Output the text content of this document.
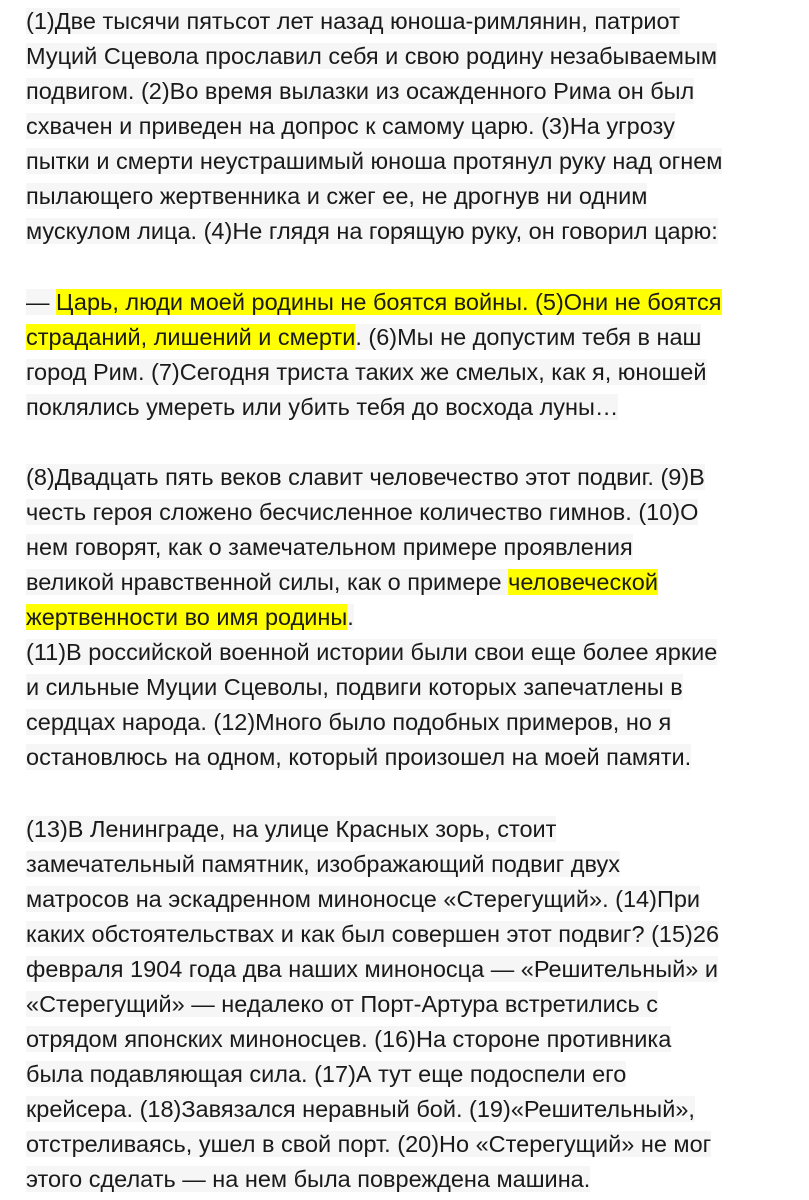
(1)Две тысячи пятьсот лет назад юноша-римлянин, патриот
Муций Сцевола прославил себя и свою родину незабываемым
подвигом. (2)Во время вылазки из осажденного Рима он был
схвачен и приведен на допрос к самому царю. (3)На угрозу
пытки и смерти неустрашимый юноша протянул руку над огнем
пылающего жертвенника и сжег ее, не дрогнув ни одним
мускулом лица. (4)Не глядя на горящую руку, он говорил царю:
— Царь, люди моей родины не боятся войны. (5)Они не боятся
страданий, лишений и смерти. (6)Мы не допустим тебя в наш
город Рим. (7)Сегодня триста таких же смелых, как я, юношей
поклялись умереть или убить тебя до восхода луны…
(8)Двадцать пять веков славит человечество этот подвиг. (9)В
честь героя сложено бесчисленное количество гимнов. (10)О
нем говорят, как о замечательном примере проявления
великой нравственной силы, как о примере человеческой
жертвенности во имя родины.
(11)В российской военной истории были свои еще более яркие
и сильные Муции Сцеволы, подвиги которых запечатлены в
сердцах народа. (12)Много было подобных примеров, но я
остановлюсь на одном, который произошел на моей памяти.
(13)В Ленинграде, на улице Красных зорь, стоит
замечательный памятник, изображающий подвиг двух
матросов на эскадренном миноносце «Стерегущий». (14)При
каких обстоятельствах и как был совершен этот подвиг? (15)26
февраля 1904 года два наших миноносца — «Решительный» и
«Стерегущий» — недалеко от Порт-Артура встретились с
отрядом японских миноносцев. (16)На стороне противника
была подавляющая сила. (17)А тут еще подоспели его
крейсера. (18)Завязался неравный бой. (19)«Решительный»,
отстреливаясь, ушел в свой порт. (20)Но «Стерегущий» не мог
этого сделать — на нем была повреждена машина.
